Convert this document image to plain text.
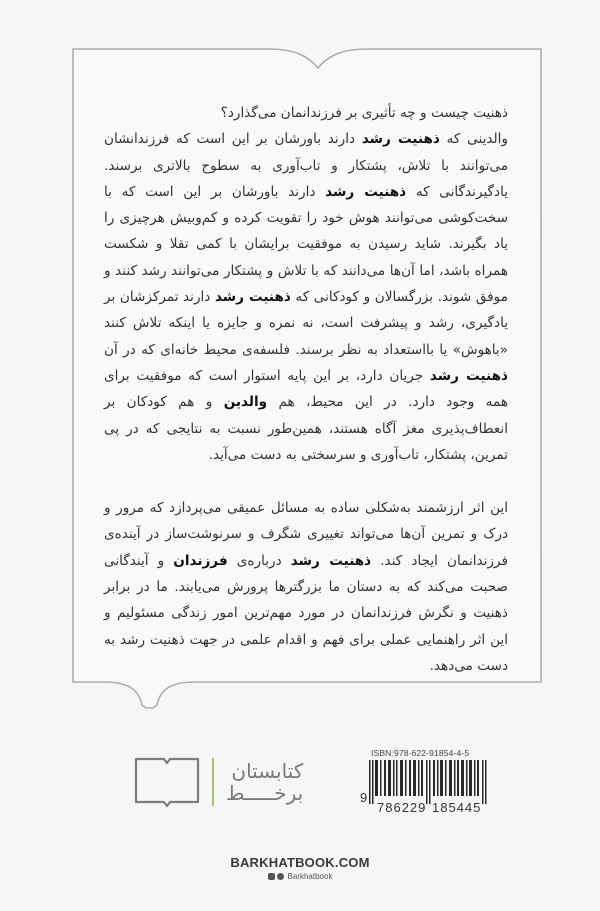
ذهنیت چیست و چه تأثیری بر فرزندانمان می‌گذارد؟

والدینی که ذهنیت رشد دارند باورشان بر این است که فرزندانشان می‌توانند با تلاش، پشتکار و تاب‌آوری به سطوح بالاتری برسند. یادگیرندگانی که ذهنیت رشد دارند باورشان بر این است که با سخت‌کوشی می‌توانند هوش خود را تقویت کرده و کم‌وبیش هرچیزی را یاد بگیرند. شاید رسیدن به موفقیت برایشان با کمی تقلا و شکست همراه باشد، اما آن‌ها می‌دانند که با تلاش و پشتکار می‌توانند رشد کنند و موفق شوند. بزرگسالان و کودکانی که ذهنیت رشد دارند تمرکزشان بر یادگیری، رشد و پیشرفت است، نه نمره و جایزه یا اینکه تلاش کنند «باهوش» یا بااستعداد به نظر برسند. فلسفه‌ی محیط خانه‌ای که در آن ذهنیت رشد جریان دارد، بر این پایه استوار است که موفقیت برای همه وجود دارد. در این محیط، هم والدین و هم کودکان بر انعطاف‌پذیری مغز آگاه هستند، همین‌طور نسبت به نتایجی که در پی تمرین، پشتکار، تاب‌آوری و سرسختی به دست می‌آید.

این اثر ارزشمند به‌شکلی ساده به مسائل عمیقی می‌پردازد که مرور و درک و تمرین آن‌ها می‌تواند تغییری شگرف و سرنوشت‌ساز در آینده‌ی فرزندانمان ایجاد کند. ذهنیت رشد درباره‌ی فرزندان و آیندگانی صحبت می‌کند که به دستان ما بزرگترها پرورش می‌یابند. ما در برابر ذهنیت و نگرش فرزندانمان در مورد مهم‌ترین امور زندگی مسئولیم و این اثر راهنمایی عملی برای فهم و اقدام علمی در جهت ذهنیت رشد به دست می‌دهد.

کتابستان
برخـــــط
ISBN:978-622-91854-4-5
9
786229 185445
BARKHATBOOK.COM
Barkhatbook
